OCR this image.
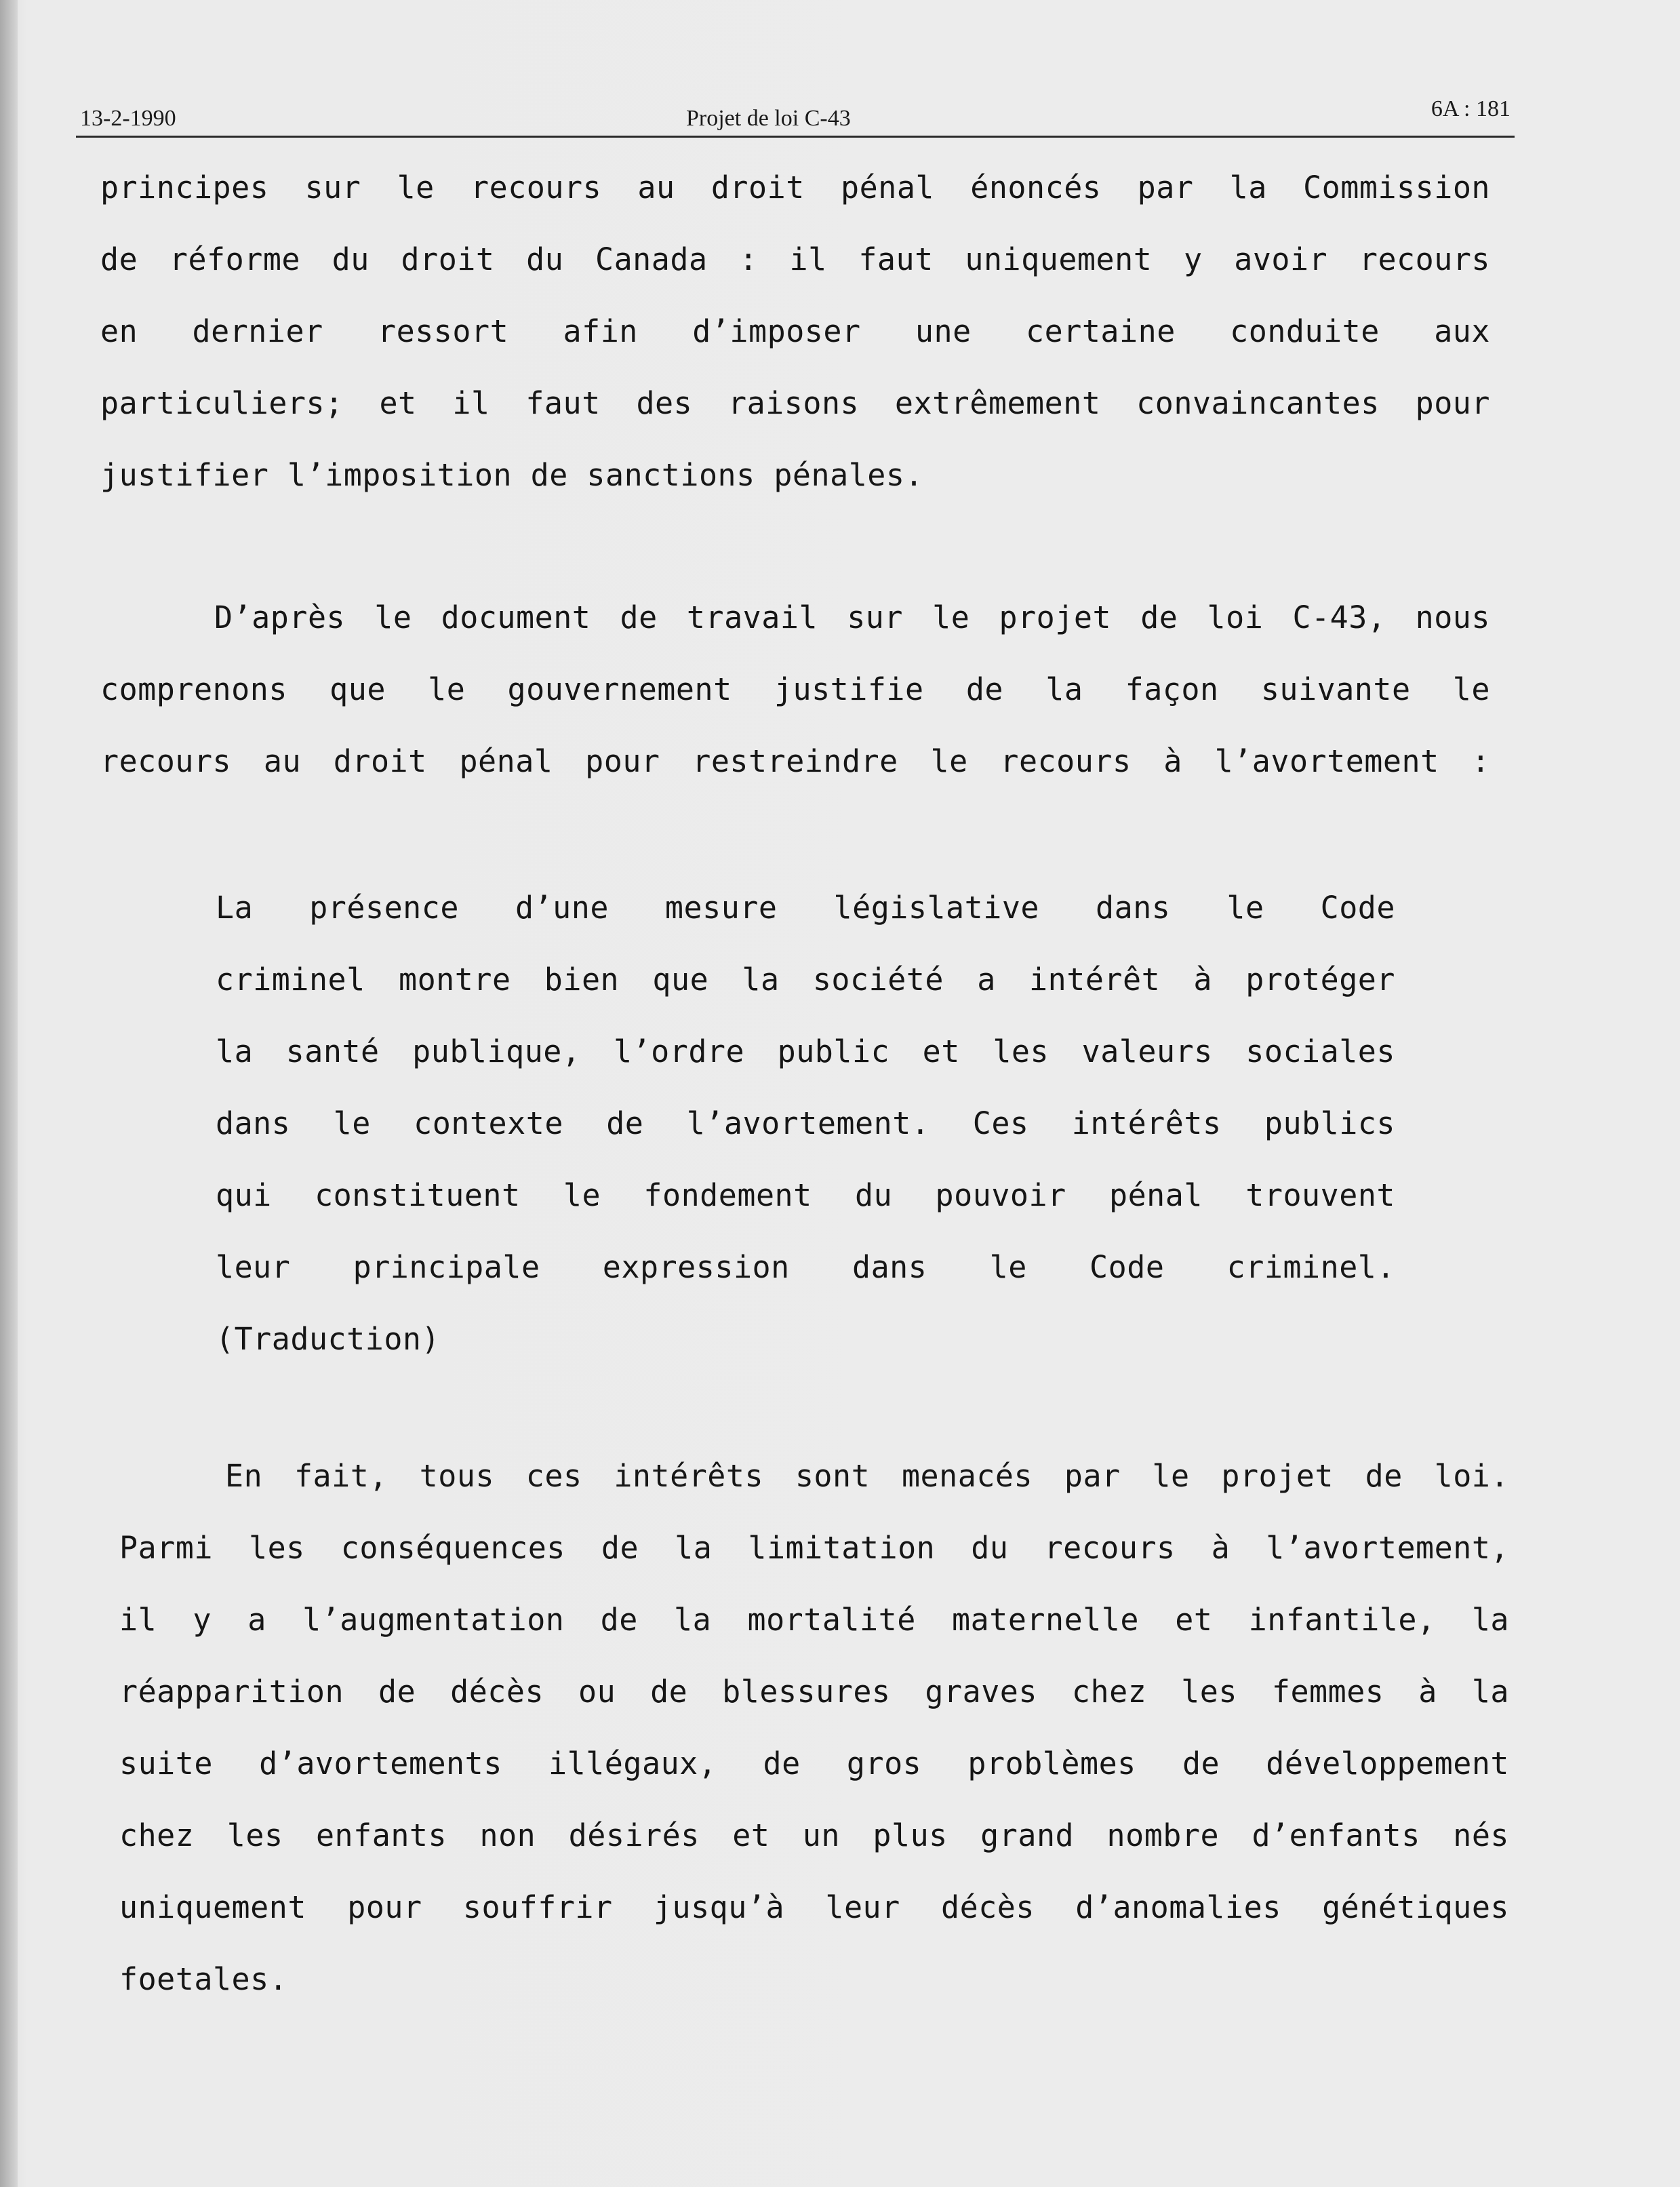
13-2-1990	Projet de loi C-43	6A : 181
principes sur le recours au droit pénal énoncés par la Commission
de réforme du droit du Canada : il faut uniquement y avoir recours
en dernier ressort afin d’imposer une certaine conduite aux
particuliers; et il faut des raisons extrêmement convaincantes pour
justifier l’imposition de sanctions pénales.
D’après le document de travail sur le projet de loi C-43, nous
comprenons que le gouvernement justifie de la façon suivante le
recours au droit pénal pour restreindre le recours à l’avortement :
La présence d’une mesure législative dans le Code
criminel montre bien que la société a intérêt à protéger
la santé publique, l’ordre public et les valeurs sociales
dans le contexte de l’avortement. Ces intérêts publics
qui constituent le fondement du pouvoir pénal trouvent
leur principale expression dans le Code criminel.
(Traduction)
En fait, tous ces intérêts sont menacés par le projet de loi.
Parmi les conséquences de la limitation du recours à l’avortement,
il y a l’augmentation de la mortalité maternelle et infantile, la
réapparition de décès ou de blessures graves chez les femmes à la
suite d’avortements illégaux, de gros problèmes de développement
chez les enfants non désirés et un plus grand nombre d’enfants nés
uniquement pour souffrir jusqu’à leur décès d’anomalies génétiques
foetales.
